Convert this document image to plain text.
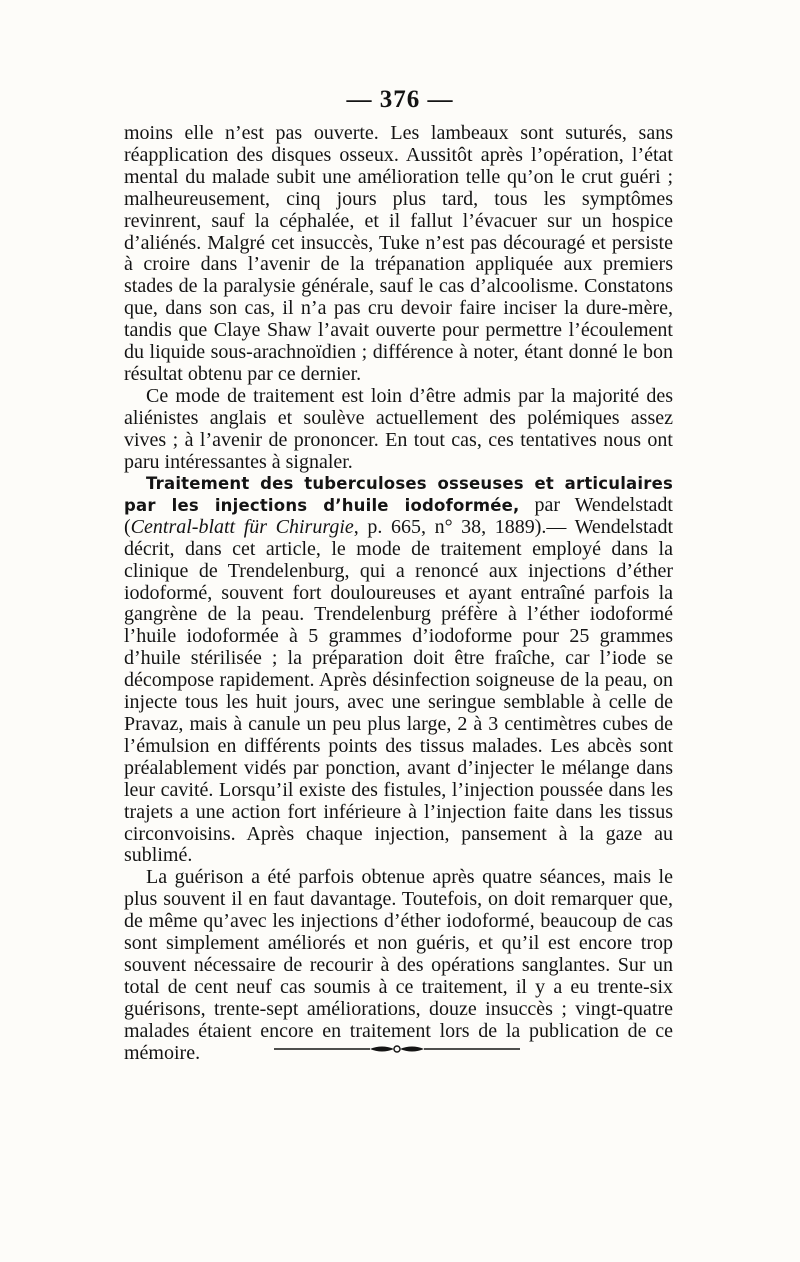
— 376 —

moins elle n’est pas ouverte. Les lambeaux sont suturés, sans réapplication des disques osseux. Aussitôt après l’opération, l’état mental du malade subit une amélioration telle qu’on le crut guéri ; malheureusement, cinq jours plus tard, tous les symptômes revinrent, sauf la céphalée, et il fallut l’évacuer sur un hospice d’aliénés. Malgré cet insuccès, Tuke n’est pas découragé et persiste à croire dans l’avenir de la trépanation appliquée aux premiers stades de la paralysie générale, sauf le cas d’alcoolisme. Constatons que, dans son cas, il n’a pas cru devoir faire inciser la dure-mère, tandis que Claye Shaw l’avait ouverte pour permettre l’écoulement du liquide sous-arachnoïdien ; différence à noter, étant donné le bon résultat obtenu par ce dernier.

Ce mode de traitement est loin d’être admis par la majorité des aliénistes anglais et soulève actuellement des polémiques assez vives ; à l’avenir de prononcer. En tout cas, ces tentatives nous ont paru intéressantes à signaler.

Traitement des tuberculoses osseuses et articulaires par les injections d’huile iodoformée, par Wendelstadt (Central-blatt für Chirurgie, p. 665, n° 38, 1889).— Wendelstadt décrit, dans cet article, le mode de traitement employé dans la clinique de Trendelenburg, qui a renoncé aux injections d’éther iodoformé, souvent fort douloureuses et ayant entraîné parfois la gangrène de la peau. Trendelenburg préfère à l’éther iodoformé l’huile iodoformée à 5 grammes d’iodoforme pour 25 grammes d’huile stérilisée ; la préparation doit être fraîche, car l’iode se décompose rapidement. Après désinfection soigneuse de la peau, on injecte tous les huit jours, avec une seringue semblable à celle de Pravaz, mais à canule un peu plus large, 2 à 3 centimètres cubes de l’émulsion en différents points des tissus malades. Les abcès sont préalablement vidés par ponction, avant d’injecter le mélange dans leur cavité. Lorsqu’il existe des fistules, l’injection poussée dans les trajets a une action fort inférieure à l’injection faite dans les tissus circonvoisins. Après chaque injection, pansement à la gaze au sublimé.

La guérison a été parfois obtenue après quatre séances, mais le plus souvent il en faut davantage. Toutefois, on doit remarquer que, de même qu’avec les injections d’éther iodoformé, beaucoup de cas sont simplement améliorés et non guéris, et qu’il est encore trop souvent nécessaire de recourir à des opérations sanglantes. Sur un total de cent neuf cas soumis à ce traitement, il y a eu trente-six guérisons, trente-sept améliorations, douze insuccès ; vingt-quatre malades étaient encore en traitement lors de la publication de ce mémoire.
